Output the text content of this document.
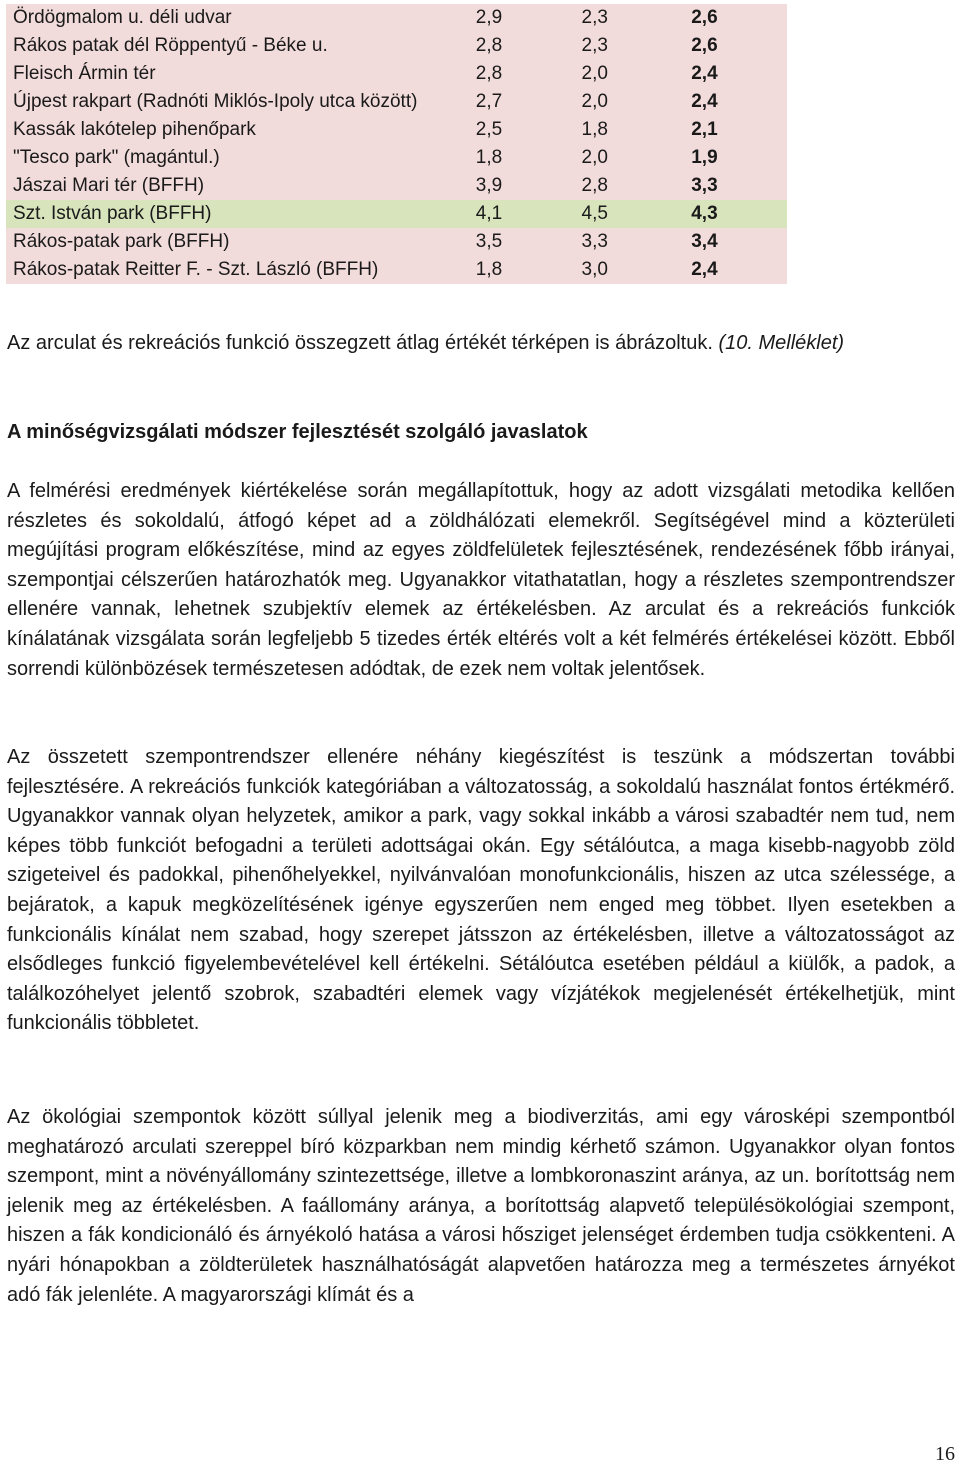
Ördögmalom u. déli udvar	2,9	2,3	2,6
Rákos patak dél Röppentyű - Béke u.	2,8	2,3	2,6
Fleisch Ármin tér	2,8	2,0	2,4
Újpest rakpart (Radnóti Miklós-Ipoly utca között)	2,7	2,0	2,4
Kassák lakótelep pihenőpark	2,5	1,8	2,1
"Tesco park" (magántul.)	1,8	2,0	1,9
Jászai Mari tér (BFFH)	3,9	2,8	3,3
Szt. István park (BFFH)	4,1	4,5	4,3
Rákos-patak park (BFFH)	3,5	3,3	3,4
Rákos-patak Reitter F. - Szt. László (BFFH)	1,8	3,0	2,4
Az arculat és rekreációs funkció összegzett átlag értékét térképen is ábrázoltuk. (10. Melléklet)
A minőségvizsgálati módszer fejlesztését szolgáló javaslatok

A felmérési eredmények kiértékelése során megállapítottuk, hogy az adott vizsgálati metodika kellően részletes és sokoldalú, átfogó képet ad a zöldhálózati elemekről. Segítségével mind a közterületi megújítási program előkészítése, mind az egyes zöldfelületek fejlesztésének, rendezésének főbb irányai, szempontjai célszerűen határozhatók meg. Ugyanakkor vitathatatlan, hogy a részletes szempontrendszer ellenére vannak, lehetnek szubjektív elemek az értékelésben. Az arculat és a rekreációs funkciók kínálatának vizsgálata során legfeljebb 5 tizedes érték eltérés volt a két felmérés értékelései között. Ebből sorrendi különbözések természetesen adódtak, de ezek nem voltak jelentősek.

Az összetett szempontrendszer ellenére néhány kiegészítést is teszünk a módszertan további fejlesztésére. A rekreációs funkciók kategóriában a változatosság, a sokoldalú használat fontos értékmérő. Ugyanakkor vannak olyan helyzetek, amikor a park, vagy sokkal inkább a városi szabadtér nem tud, nem képes több funkciót befogadni a területi adottságai okán. Egy sétálóutca, a maga kisebb-nagyobb zöld szigeteivel és padokkal, pihenőhelyekkel, nyilvánvalóan monofunkcionális, hiszen az utca szélessége, a bejáratok, a kapuk megközelítésének igénye egyszerűen nem enged meg többet. Ilyen esetekben a funkcionális kínálat nem szabad, hogy szerepet játsszon az értékelésben, illetve a változatosságot az elsődleges funkció figyelembevételével kell értékelni. Sétálóutca esetében például a kiülők, a padok, a találkozóhelyet jelentő szobrok, szabadtéri elemek vagy vízjátékok megjelenését értékelhetjük, mint funkcionális többletet.

Az ökológiai szempontok között súllyal jelenik meg a biodiverzitás, ami egy városképi szempontból meghatározó arculati szereppel bíró közparkban nem mindig kérhető számon. Ugyanakkor olyan fontos szempont, mint a növényállomány szintezettsége, illetve a lombkoronaszint aránya, az un. borítottság nem jelenik meg az értékelésben. A faállomány aránya, a borítottság alapvető településökológiai szempont, hiszen a fák kondicionáló és árnyékoló hatása a városi hősziget jelenséget érdemben tudja csökkenteni. A nyári hónapokban a zöldterületek használhatóságát alapvetően határozza meg a természetes árnyékot adó fák jelenléte. A magyarországi klímát és a

16
